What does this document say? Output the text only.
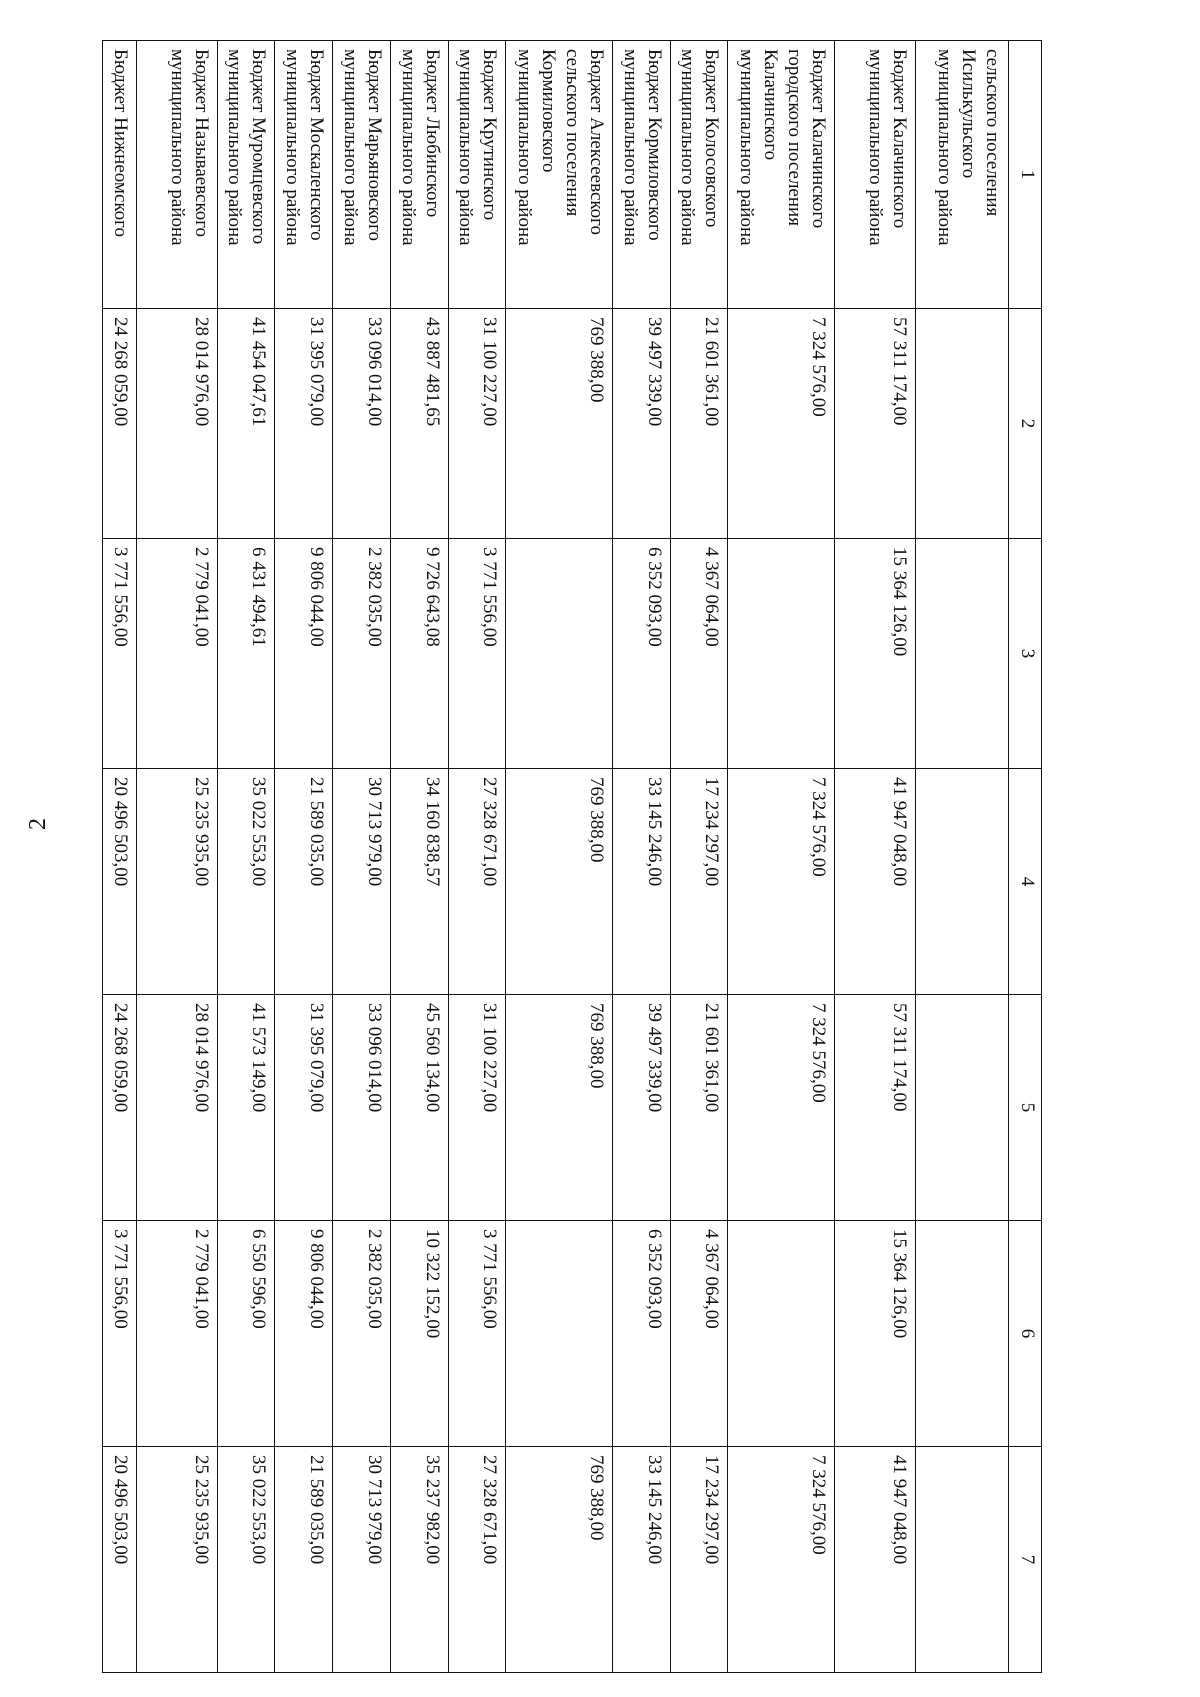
2
1	2	3	4	5	6	7
сельского поселения Исилькульского муниципального района						
Бюджет Калачинского муниципального района	57 311 174,00	15 364 126,00	41 947 048,00	57 311 174,00	15 364 126,00	41 947 048,00
Бюджет Калачинского городского поселения Калачинского муниципального района	7 324 576,00		7 324 576,00	7 324 576,00		7 324 576,00
Бюджет Колосовского муниципального района	21 601 361,00	4 367 064,00	17 234 297,00	21 601 361,00	4 367 064,00	17 234 297,00
Бюджет Кормиловского муниципального района	39 497 339,00	6 352 093,00	33 145 246,00	39 497 339,00	6 352 093,00	33 145 246,00
Бюджет Алексеевского сельского поселения Кормиловского муниципального района	769 388,00		769 388,00	769 388,00		769 388,00
Бюджет Крутинского муниципального района	31 100 227,00	3 771 556,00	27 328 671,00	31 100 227,00	3 771 556,00	27 328 671,00
Бюджет Любинского муниципального района	43 887 481,65	9 726 643,08	34 160 838,57	45 560 134,00	10 322 152,00	35 237 982,00
Бюджет Марьяновского муниципального района	33 096 014,00	2 382 035,00	30 713 979,00	33 096 014,00	2 382 035,00	30 713 979,00
Бюджет Москаленского муниципального района	31 395 079,00	9 806 044,00	21 589 035,00	31 395 079,00	9 806 044,00	21 589 035,00
Бюджет Муромцевского муниципального района	41 454 047,61	6 431 494,61	35 022 553,00	41 573 149,00	6 550 596,00	35 022 553,00
Бюджет Называевского муниципального района	28 014 976,00	2 779 041,00	25 235 935,00	28 014 976,00	2 779 041,00	25 235 935,00
Бюджет Нижнеомского	24 268 059,00	3 771 556,00	20 496 503,00	24 268 059,00	3 771 556,00	20 496 503,00
